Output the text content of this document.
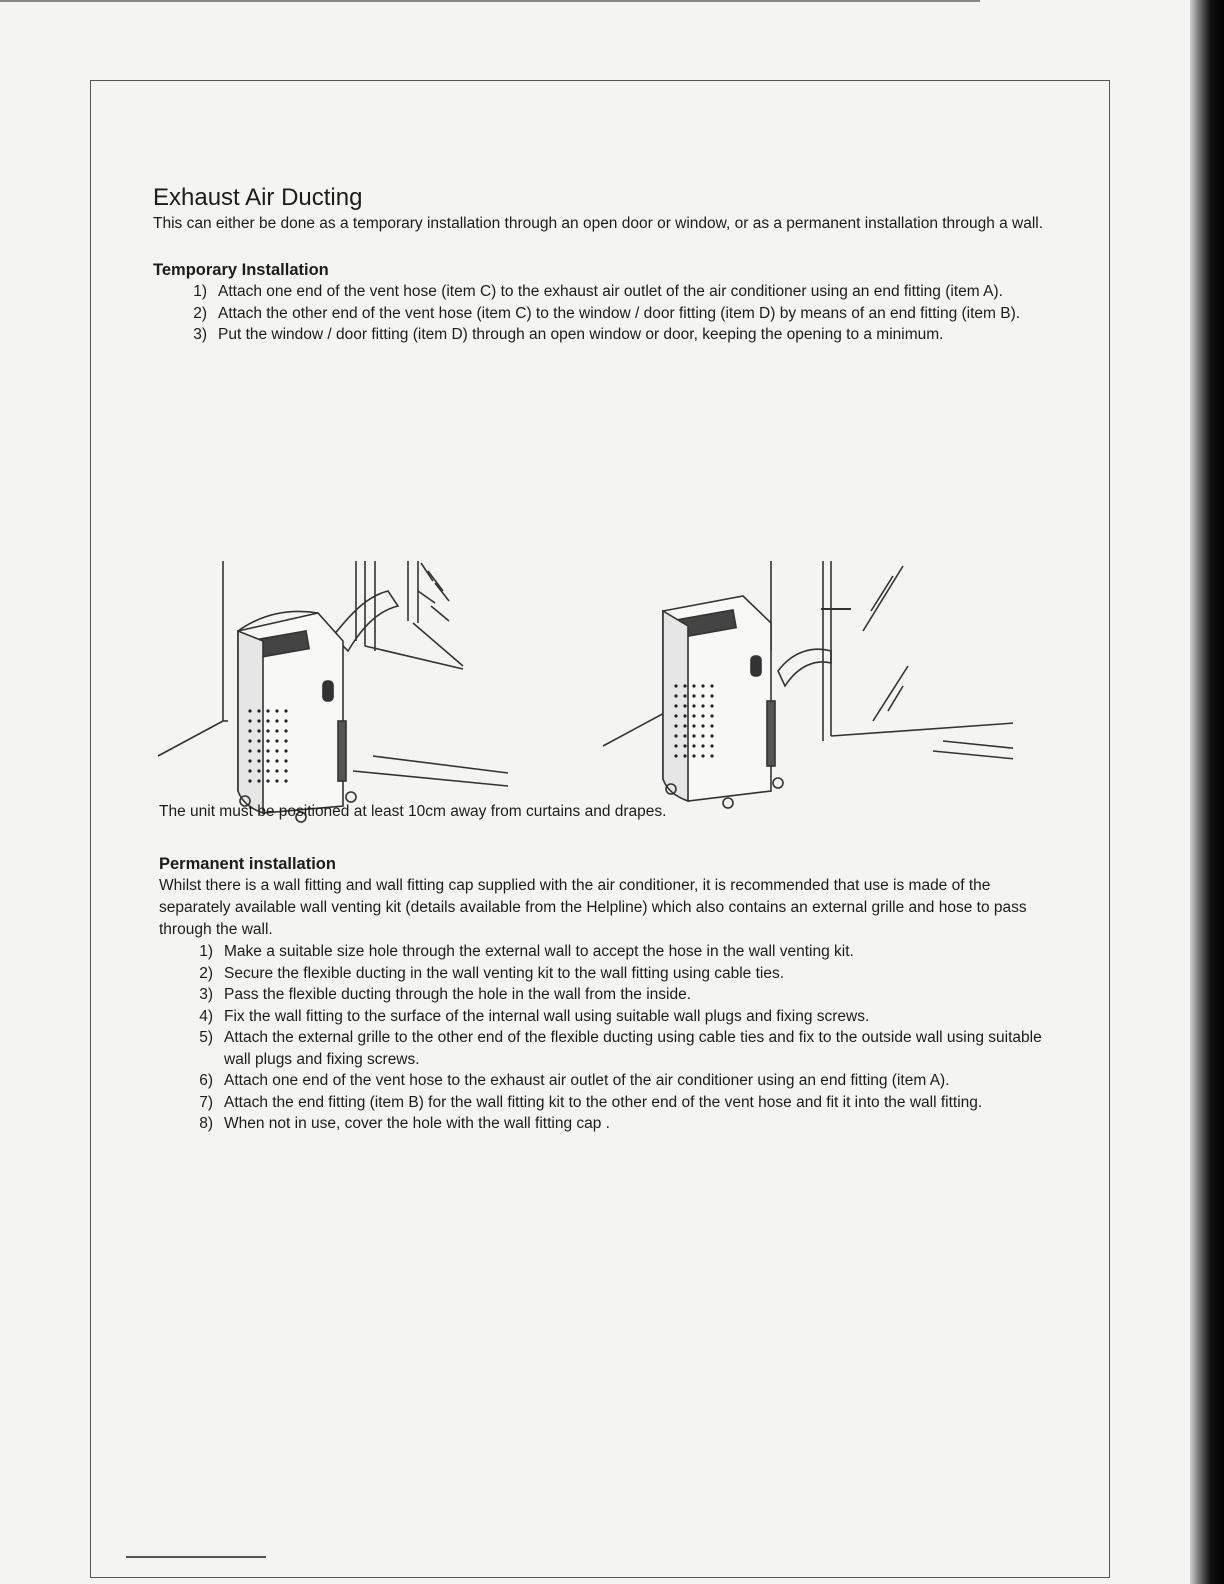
Exhaust Air Ducting

This can either be done as a temporary installation through an open door or window, or as a permanent installation through a wall.

Temporary Installation
1) Attach one end of the vent hose (item C) to the exhaust air outlet of the air conditioner using an end fitting (item A).
2) Attach the other end of the vent hose (item C) to the window / door fitting (item D) by means of an end fitting (item B).
3) Put the window / door fitting (item D) through an open window or door, keeping the opening to a minimum.

The unit must be positioned at least 10cm away from curtains and drapes.

Permanent installation

Whilst there is a wall fitting and wall fitting cap supplied with the air conditioner, it is recommended that use is made of the separately available wall venting kit (details available from the Helpline) which also contains an external grille and hose to pass through the wall.

1) Make a suitable size hole through the external wall to accept the hose in the wall venting kit.
2) Secure the flexible ducting in the wall venting kit to the wall fitting using cable ties.
3) Pass the flexible ducting through the hole in the wall from the inside.
4) Fix the wall fitting to the surface of the internal wall using suitable wall plugs and fixing screws.
5) Attach the external grille to the other end of the flexible ducting using cable ties and fix to the outside wall using suitable wall plugs and fixing screws.
6) Attach one end of the vent hose to the exhaust air outlet of the air conditioner using an end fitting (item A).
7) Attach the end fitting (item B) for the wall fitting kit to the other end of the vent hose and fit it into the wall fitting.
8) When not in use, cover the hole with the wall fitting cap .
